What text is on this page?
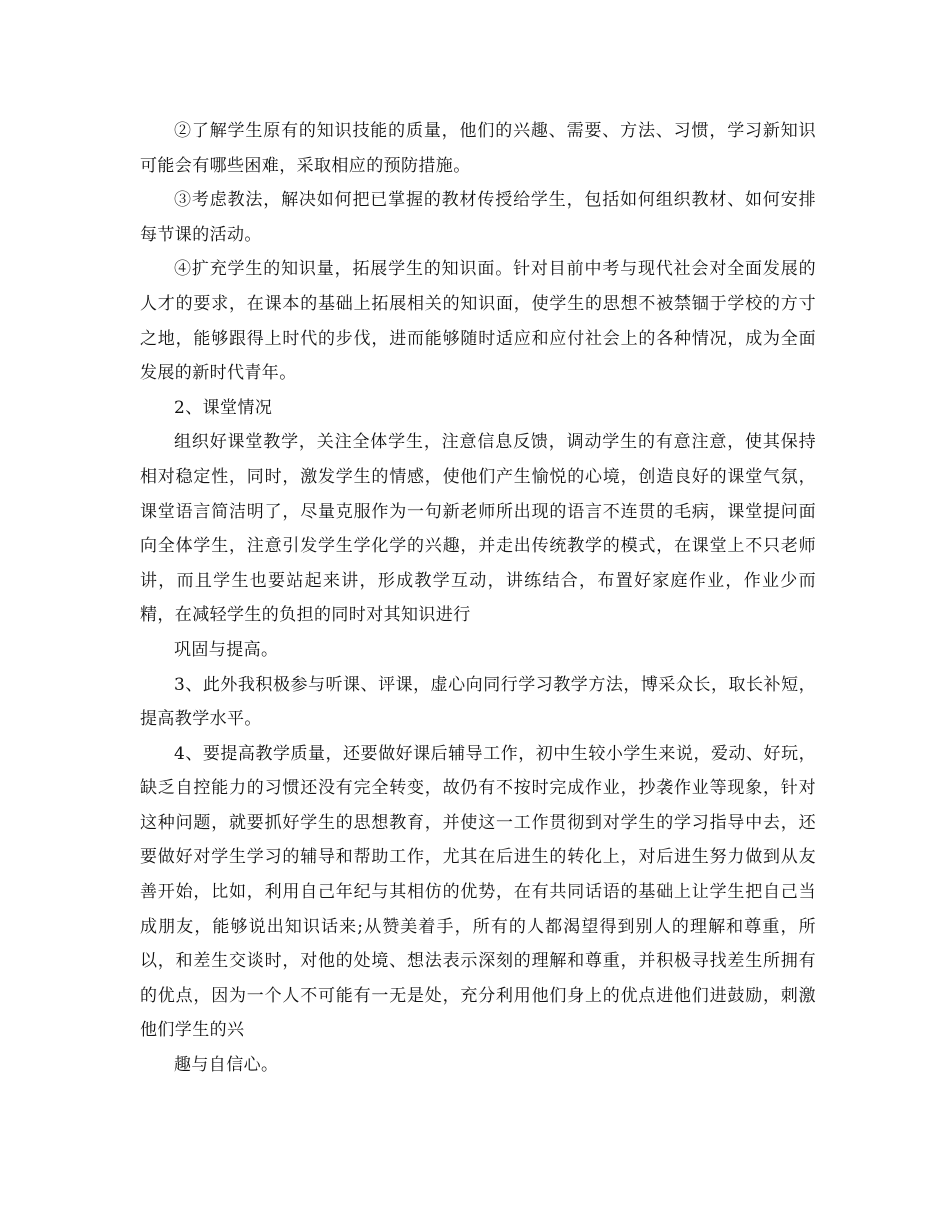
②了解学生原有的知识技能的质量，他们的兴趣、需要、方法、习惯，学习新知识可能会有哪些困难，采取相应的预防措施。

③考虑教法，解决如何把已掌握的教材传授给学生，包括如何组织教材、如何安排每节课的活动。

④扩充学生的知识量，拓展学生的知识面。针对目前中考与现代社会对全面发展的人才的要求，在课本的基础上拓展相关的知识面，使学生的思想不被禁锢于学校的方寸之地，能够跟得上时代的步伐，进而能够随时适应和应付社会上的各种情况，成为全面发展的新时代青年。

2、课堂情况

组织好课堂教学，关注全体学生，注意信息反馈，调动学生的有意注意，使其保持相对稳定性，同时，激发学生的情感，使他们产生愉悦的心境，创造良好的课堂气氛，课堂语言简洁明了，尽量克服作为一句新老师所出现的语言不连贯的毛病，课堂提问面向全体学生，注意引发学生学化学的兴趣，并走出传统教学的模式，在课堂上不只老师讲，而且学生也要站起来讲，形成教学互动，讲练结合，布置好家庭作业，作业少而精，在减轻学生的负担的同时对其知识进行

巩固与提高。

3、此外我积极参与听课、评课，虚心向同行学习教学方法，博采众长，取长补短，提高教学水平。

4、要提高教学质量，还要做好课后辅导工作，初中生较小学生来说，爱动、好玩，缺乏自控能力的习惯还没有完全转变，故仍有不按时完成作业，抄袭作业等现象，针对这种问题，就要抓好学生的思想教育，并使这一工作贯彻到对学生的学习指导中去，还要做好对学生学习的辅导和帮助工作，尤其在后进生的转化上，对后进生努力做到从友善开始，比如，利用自己年纪与其相仿的优势，在有共同话语的基础上让学生把自己当成朋友，能够说出知识话来;从赞美着手，所有的人都渴望得到别人的理解和尊重，所以，和差生交谈时，对他的处境、想法表示深刻的理解和尊重，并积极寻找差生所拥有的优点，因为一个人不可能有一无是处，充分利用他们身上的优点进他们进鼓励，刺激他们学生的兴

趣与自信心。
